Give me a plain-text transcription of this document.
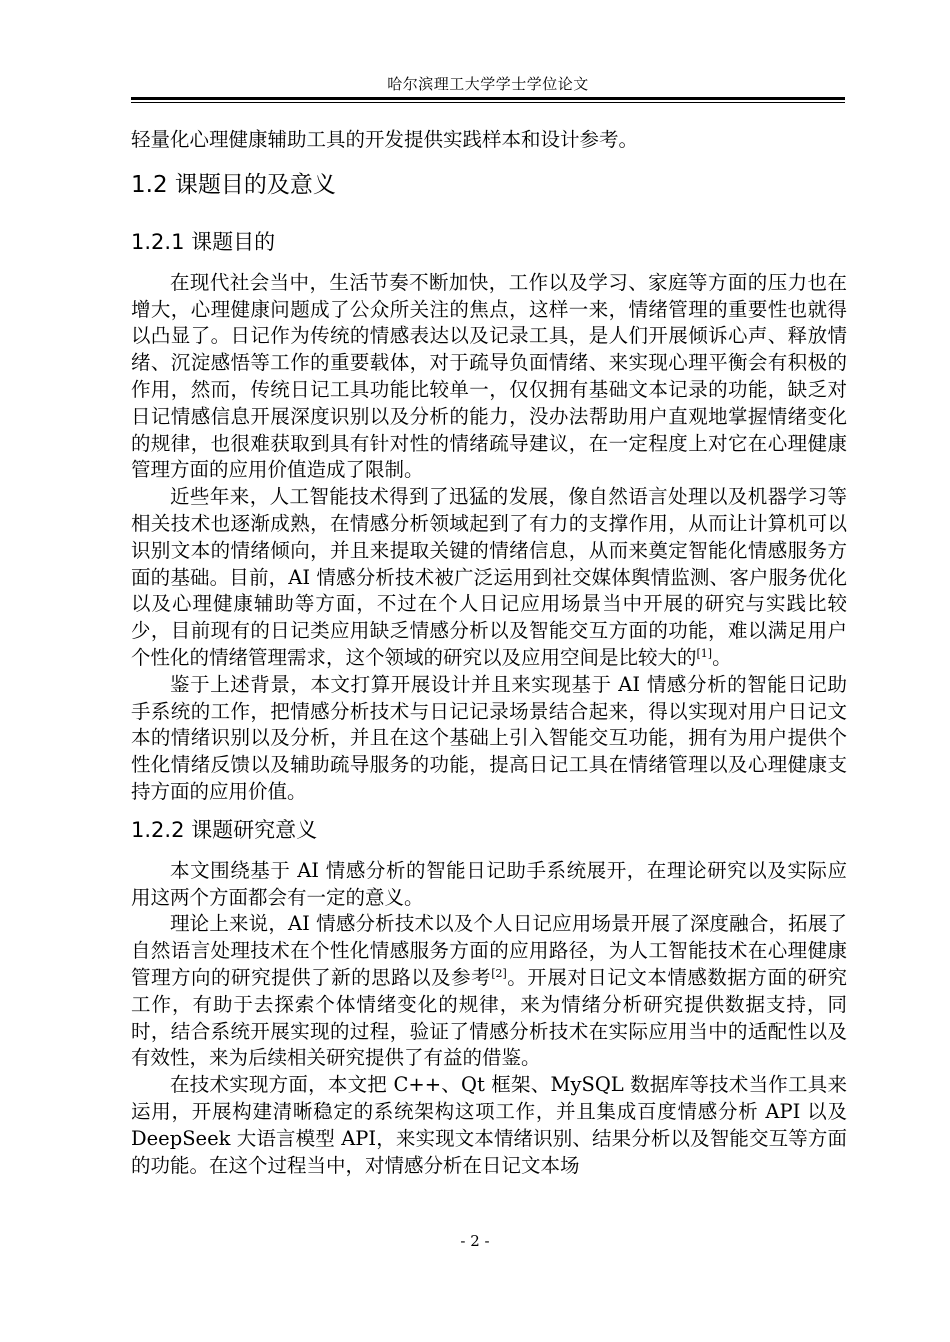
哈尔滨理工大学学士学位论文

轻量化心理健康辅助工具的开发提供实践样本和设计参考。

1.2 课题目的及意义
1.2.1 课题目的

在现代社会当中，生活节奏不断加快，工作以及学习、家庭等方面的压力也在增大，心理健康问题成了公众所关注的焦点，这样一来，情绪管理的重要性也就得以凸显了。日记作为传统的情感表达以及记录工具，是人们开展倾诉心声、释放情绪、沉淀感悟等工作的重要载体，对于疏导负面情绪、来实现心理平衡会有积极的作用，然而，传统日记工具功能比较单一，仅仅拥有基础文本记录的功能，缺乏对日记情感信息开展深度识别以及分析的能力，没办法帮助用户直观地掌握情绪变化的规律，也很难获取到具有针对性的情绪疏导建议，在一定程度上对它在心理健康管理方面的应用价值造成了限制。

近些年来，人工智能技术得到了迅猛的发展，像自然语言处理以及机器学习等相关技术也逐渐成熟，在情感分析领域起到了有力的支撑作用，从而让计算机可以识别文本的情绪倾向，并且来提取关键的情绪信息，从而来奠定智能化情感服务方面的基础。目前，AI 情感分析技术被广泛运用到社交媒体舆情监测、客户服务优化以及心理健康辅助等方面，不过在个人日记应用场景当中开展的研究与实践比较少，目前现有的日记类应用缺乏情感分析以及智能交互方面的功能，难以满足用户个性化的情绪管理需求，这个领域的研究以及应用空间是比较大的[1]。

鉴于上述背景，本文打算开展设计并且来实现基于 AI 情感分析的智能日记助手系统的工作，把情感分析技术与日记记录场景结合起来，得以实现对用户日记文本的情绪识别以及分析，并且在这个基础上引入智能交互功能，拥有为用户提供个性化情绪反馈以及辅助疏导服务的功能，提高日记工具在情绪管理以及心理健康支持方面的应用价值。

1.2.2 课题研究意义

本文围绕基于 AI 情感分析的智能日记助手系统展开，在理论研究以及实际应用这两个方面都会有一定的意义。

理论上来说，AI 情感分析技术以及个人日记应用场景开展了深度融合，拓展了自然语言处理技术在个性化情感服务方面的应用路径，为人工智能技术在心理健康管理方向的研究提供了新的思路以及参考[2]。开展对日记文本情感数据方面的研究工作，有助于去探索个体情绪变化的规律，来为情绪分析研究提供数据支持，同时，结合系统开展实现的过程，验证了情感分析技术在实际应用当中的适配性以及有效性，来为后续相关研究提供了有益的借鉴。

在技术实现方面，本文把 C++、Qt 框架、MySQL 数据库等技术当作工具来运用，开展构建清晰稳定的系统架构这项工作，并且集成百度情感分析 API 以及 DeepSeek 大语言模型 API，来实现文本情绪识别、结果分析以及智能交互等方面的功能。在这个过程当中，对情感分析在日记文本场

- 2 -
